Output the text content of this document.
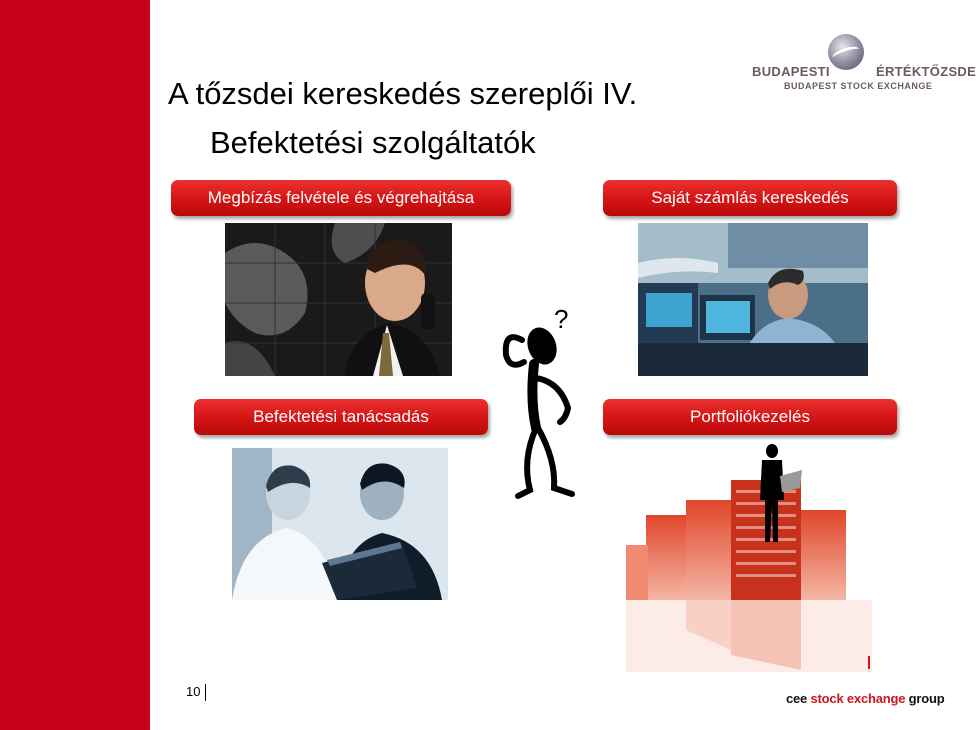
A tőzsdei kereskedés szereplői IV.
Befektetési szolgáltatók
BUDAPESTI	ÉRTÉKTŐZSDE
BUDAPEST STOCK EXCHANGE
Megbízás felvétele és végrehajtása	Saját számlás kereskedés
Befektetési tanácsadás	Portfoliókezelés
?
10	cee stock exchange group
